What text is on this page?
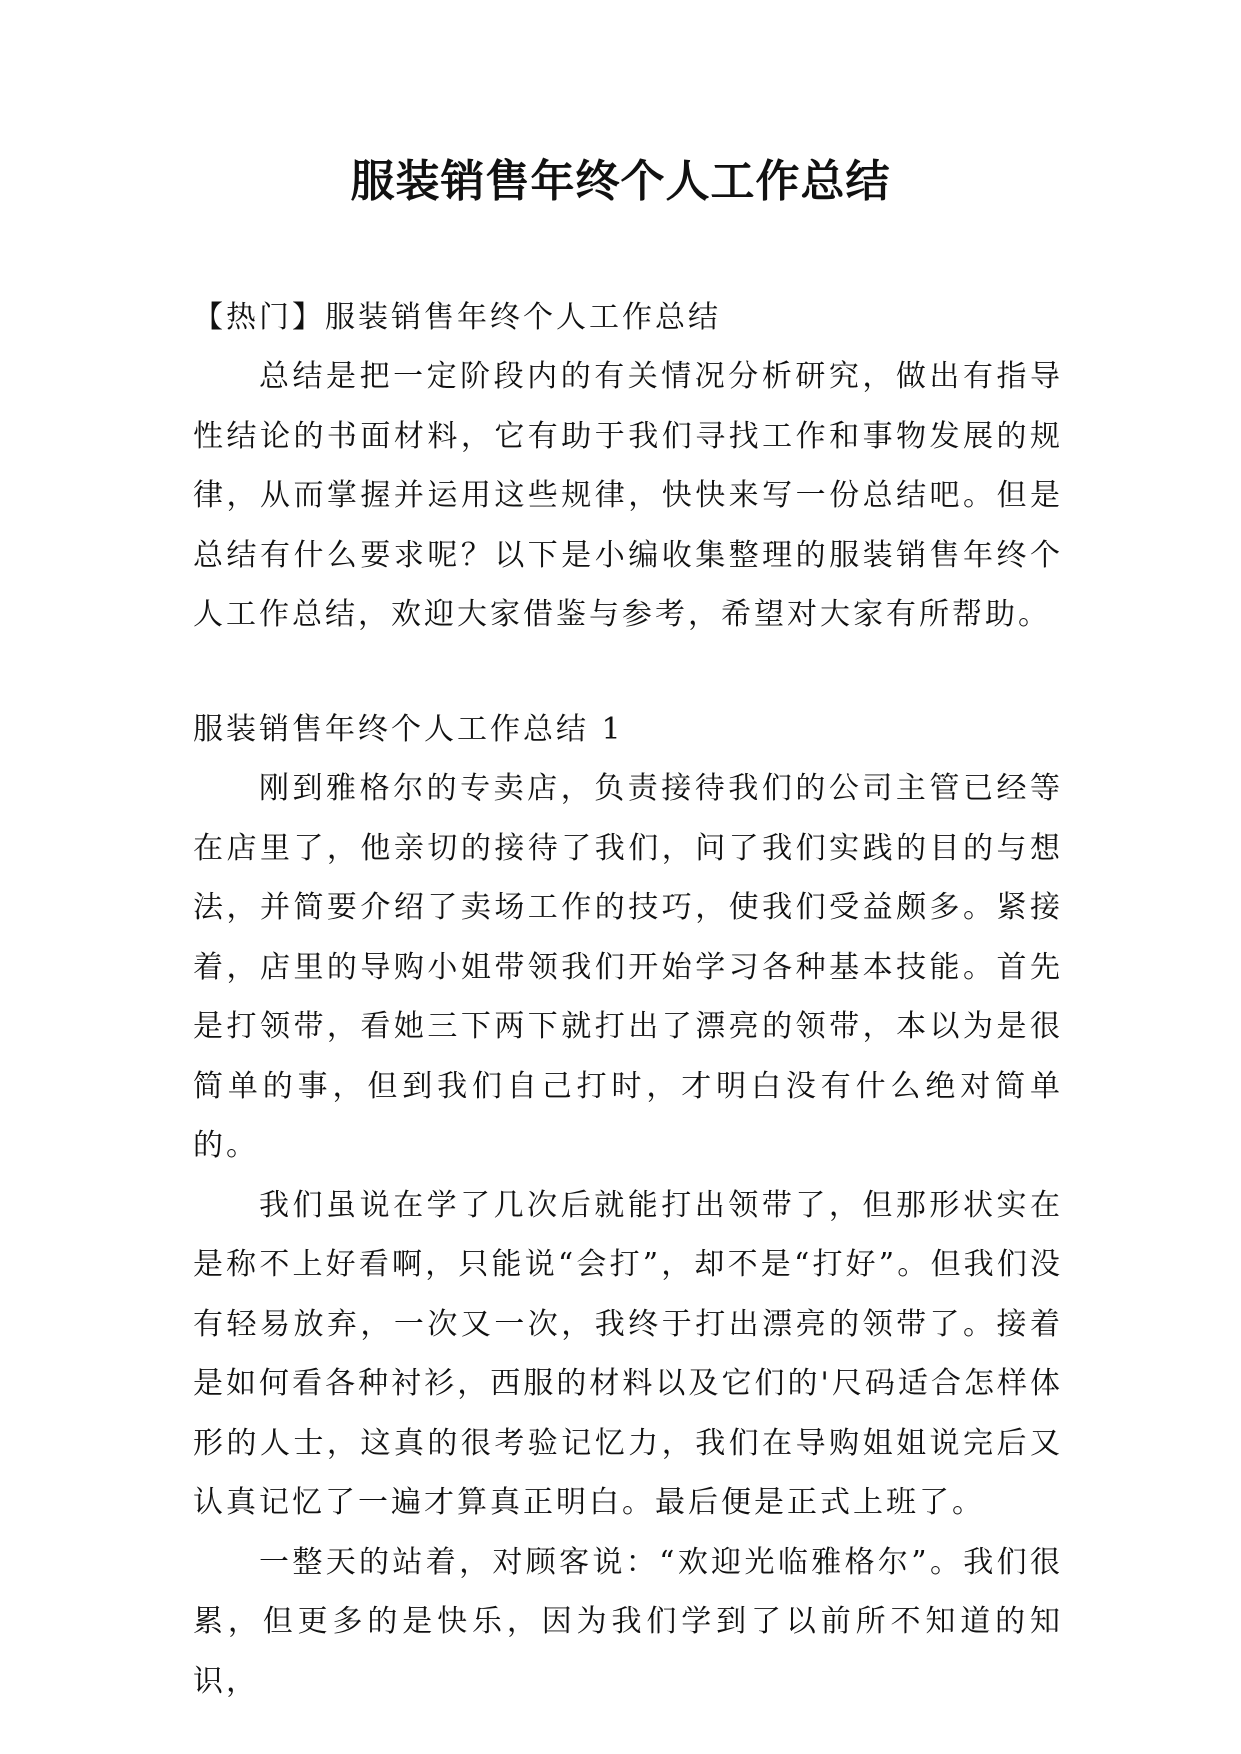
服装销售年终个人工作总结

【热门】服装销售年终个人工作总结

总结是把一定阶段内的有关情况分析研究，做出有指导性结论的书面材料，它有助于我们寻找工作和事物发展的规律，从而掌握并运用这些规律，快快来写一份总结吧。但是总结有什么要求呢？以下是小编收集整理的服装销售年终个人工作总结，欢迎大家借鉴与参考，希望对大家有所帮助。

服装销售年终个人工作总结 1

刚到雅格尔的专卖店，负责接待我们的公司主管已经等在店里了，他亲切的接待了我们，问了我们实践的目的与想法，并简要介绍了卖场工作的技巧，使我们受益颇多。紧接着，店里的导购小姐带领我们开始学习各种基本技能。首先是打领带，看她三下两下就打出了漂亮的领带，本以为是很简单的事，但到我们自己打时，才明白没有什么绝对简单的。

我们虽说在学了几次后就能打出领带了，但那形状实在是称不上好看啊，只能说“会打”，却不是“打好”。但我们没有轻易放弃，一次又一次，我终于打出漂亮的领带了。接着是如何看各种衬衫，西服的材料以及它们的'尺码适合怎样体形的人士，这真的很考验记忆力，我们在导购姐姐说完后又认真记忆了一遍才算真正明白。最后便是正式上班了。

一整天的站着，对顾客说：“欢迎光临雅格尔”。我们很累，但更多的是快乐，因为我们学到了以前所不知道的知识，
